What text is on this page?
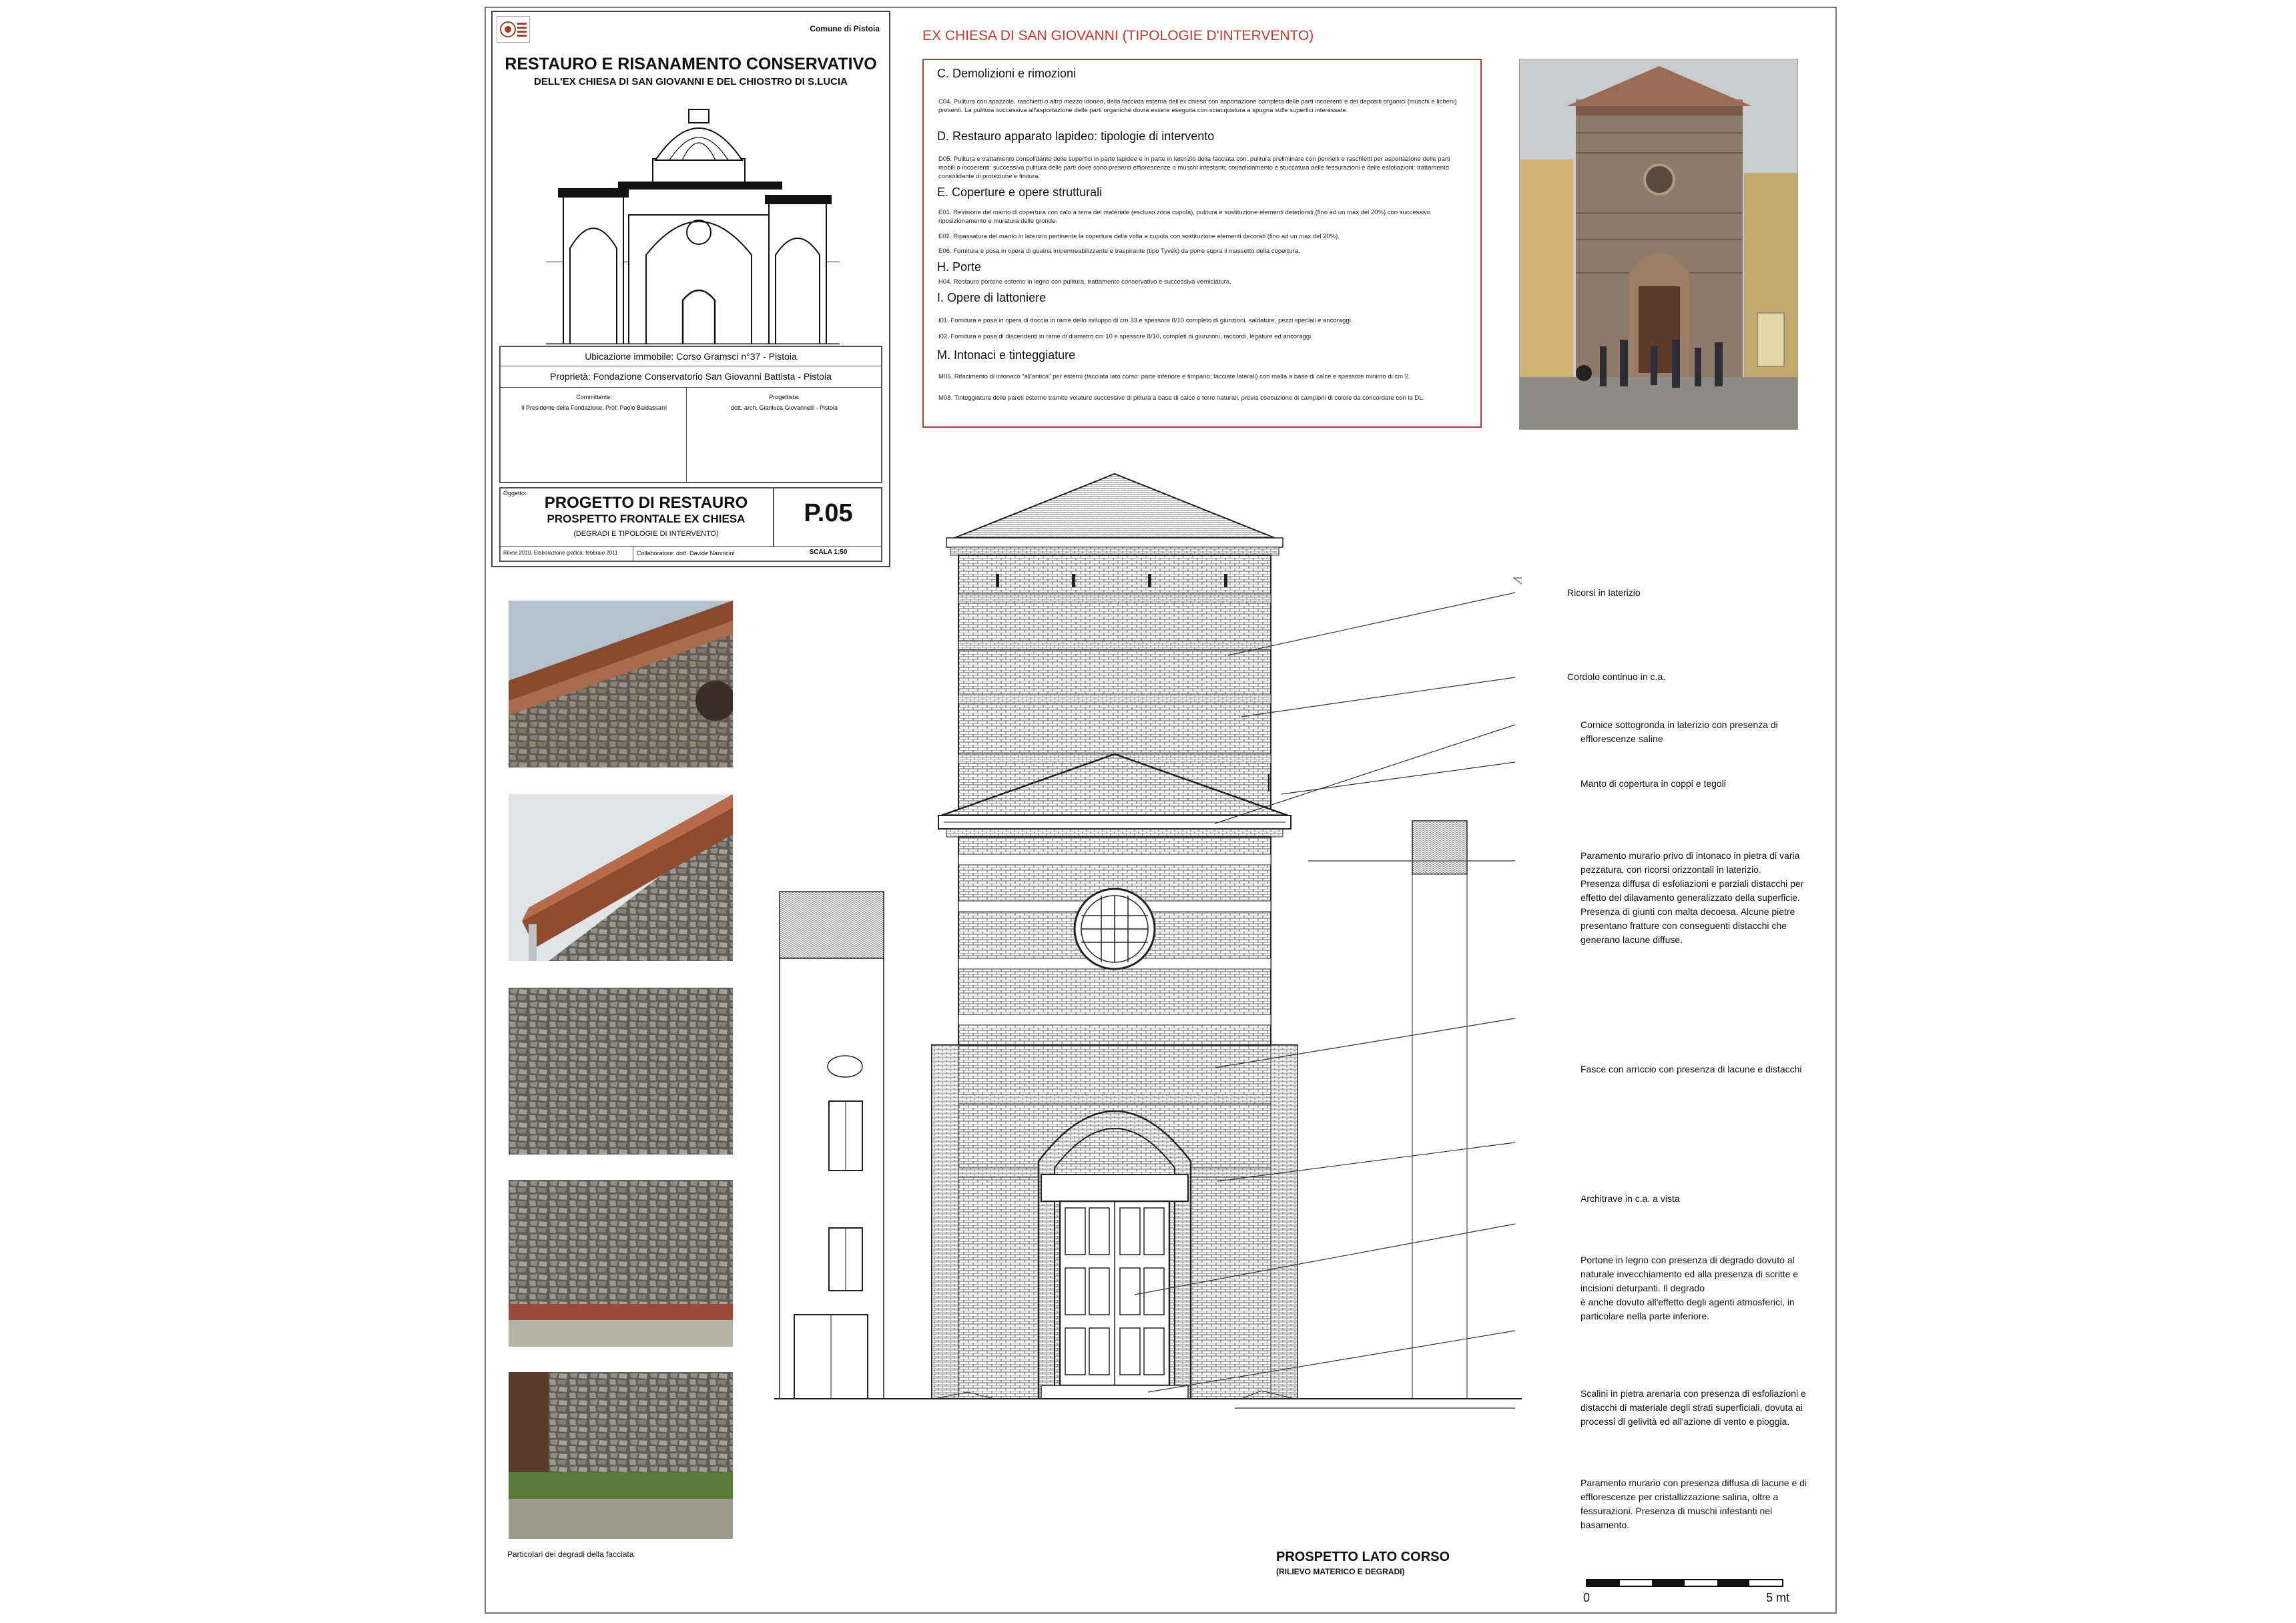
Comune di Pistoia
RESTAURO E RISANAMENTO CONSERVATIVO
DELL'EX CHIESA DI SAN GIOVANNI E DEL CHIOSTRO DI S.LUCIA
Ubicazione immobile: Corso Gramsci n°37 - Pistoia
Proprietà: Fondazione Conservatorio San Giovanni Battista - Pistoia
Committente:
Il Presidente della Fondazione, Prof. Paolo Baldassarri
Progettista:
dott. arch. Gianluca Giovannelli - Pistoia
Oggetto:
PROGETTO DI RESTAURO
PROSPETTO FRONTALE EX CHIESA
(DEGRADI E TIPOLOGIE DI INTERVENTO)
P.05
Rilievi 2010, Elaborazione grafica: febbraio 2011	Collaboratore: dott. Davide Nannicini	SCALA 1:50
EX CHIESA DI SAN GIOVANNI (TIPOLOGIE D'INTERVENTO)
C. Demolizioni e rimozioni
C04. Pulitura con spazzole, raschietti o altro mezzo idoneo, della facciata esterna dell'ex chiesa con asportazione completa delle parti incoerenti e dei depositi organici (muschi e licheni) presenti. La pulitura successiva all'asportazione delle parti organiche dovrà essere eseguita con sciacquatura a spugna sulle superfici interessate.
D. Restauro apparato lapideo: tipologie di intervento
D05. Pulitura e trattamento consolidante delle superfici in parte lapidee e in parte in laterizio della facciata con: pulitura preliminare con pennelli e raschietti per asportazione delle parti mobili o incoerenti: successiva pulitura delle parti dove sono presenti efflorescenze o muschi infestanti; consolidamento e stuccatura delle fessurazioni e delle esfoliazioni; trattamento consolidante di protezione e finitura.
E. Coperture e opere strutturali
E01. Revisione del manto di copertura con calo a terra del materiale (escluso zona cupola), pulitura e sostituzione elementi deteriorati (fino ad un max del 20%) con successivo riposizionamento e muratura delle gronde.
E02. Ripassatura del manto in laterizio pertinente la copertura della volta a cupola con sostituzione elementi decorati (fino ad un max del 20%).
E06. Fornitura e posa in opera di guaina impermeabilizzante e traspirante (tipo Tyvek) da porre sopra il massetto della copertura.
H. Porte
H04. Restauro portone esterno in legno con pulitura, trattamento conservativo e successiva verniciatura.
I. Opere di lattoniere
I01. Fornitura e posa in opera di doccia in rame dello sviluppo di cm 33 e spessore 8/10 completo di giunzioni, saldature, pezzi speciali e ancoraggi.
I02. Fornitura e posa di discendenti in rame di diametro cm 10 e spessore 8/10, completi di giunzioni, raccordi, legature ed ancoraggi.
M. Intonaci e tinteggiature
M05. Rifacimento di intonaco "all'antica" per esterni (facciata lato corso: parte inferiore e timpano; facciate laterali) con malta a base di calce e spessore minimo di cm 2.
M08. Tinteggiatura delle pareti esterne tramite velature successive di pittura a base di calce e terre naturali, previa esecuzione di campioni di colore da concordare con la DL.
Particolari dei degradi della facciata
Ricorsi in laterizio
Cordolo continuo in c.a.
Cornice sottogronda in laterizio con presenza di efflorescenze saline
Manto di copertura in coppi e tegoli
Paramento murario privo di intonaco in pietra di varia pezzatura, con ricorsi orizzontali in laterizio.
Presenza diffusa di esfoliazioni e parziali distacchi per effetto del dilavamento generalizzato della superficie.
Presenza di giunti con malta decoesa. Alcune pietre presentano fratture con conseguenti distacchi che generano lacune diffuse.
Fasce con arriccio con presenza di lacune e distacchi
Architrave in c.a. a vista
Portone in legno con presenza di degrado dovuto al naturale invecchiamento ed alla presenza di scritte e incisioni deturpanti. Il degrado
è anche dovuto all'effetto degli agenti atmosferici, in particolare nella parte inferiore.
Scalini in pietra arenaria con presenza di esfoliazioni e distacchi di materiale degli strati superficiali, dovuta ai processi di gelività ed all'azione di vento e pioggia.
Paramento murario con presenza diffusa di lacune e di efflorescenze per cristallizzazione salina, oltre a fessurazioni. Presenza di muschi infestanti nel basamento.
PROSPETTO LATO CORSO
(RILIEVO MATERICO E DEGRADI)
0	5 mt
